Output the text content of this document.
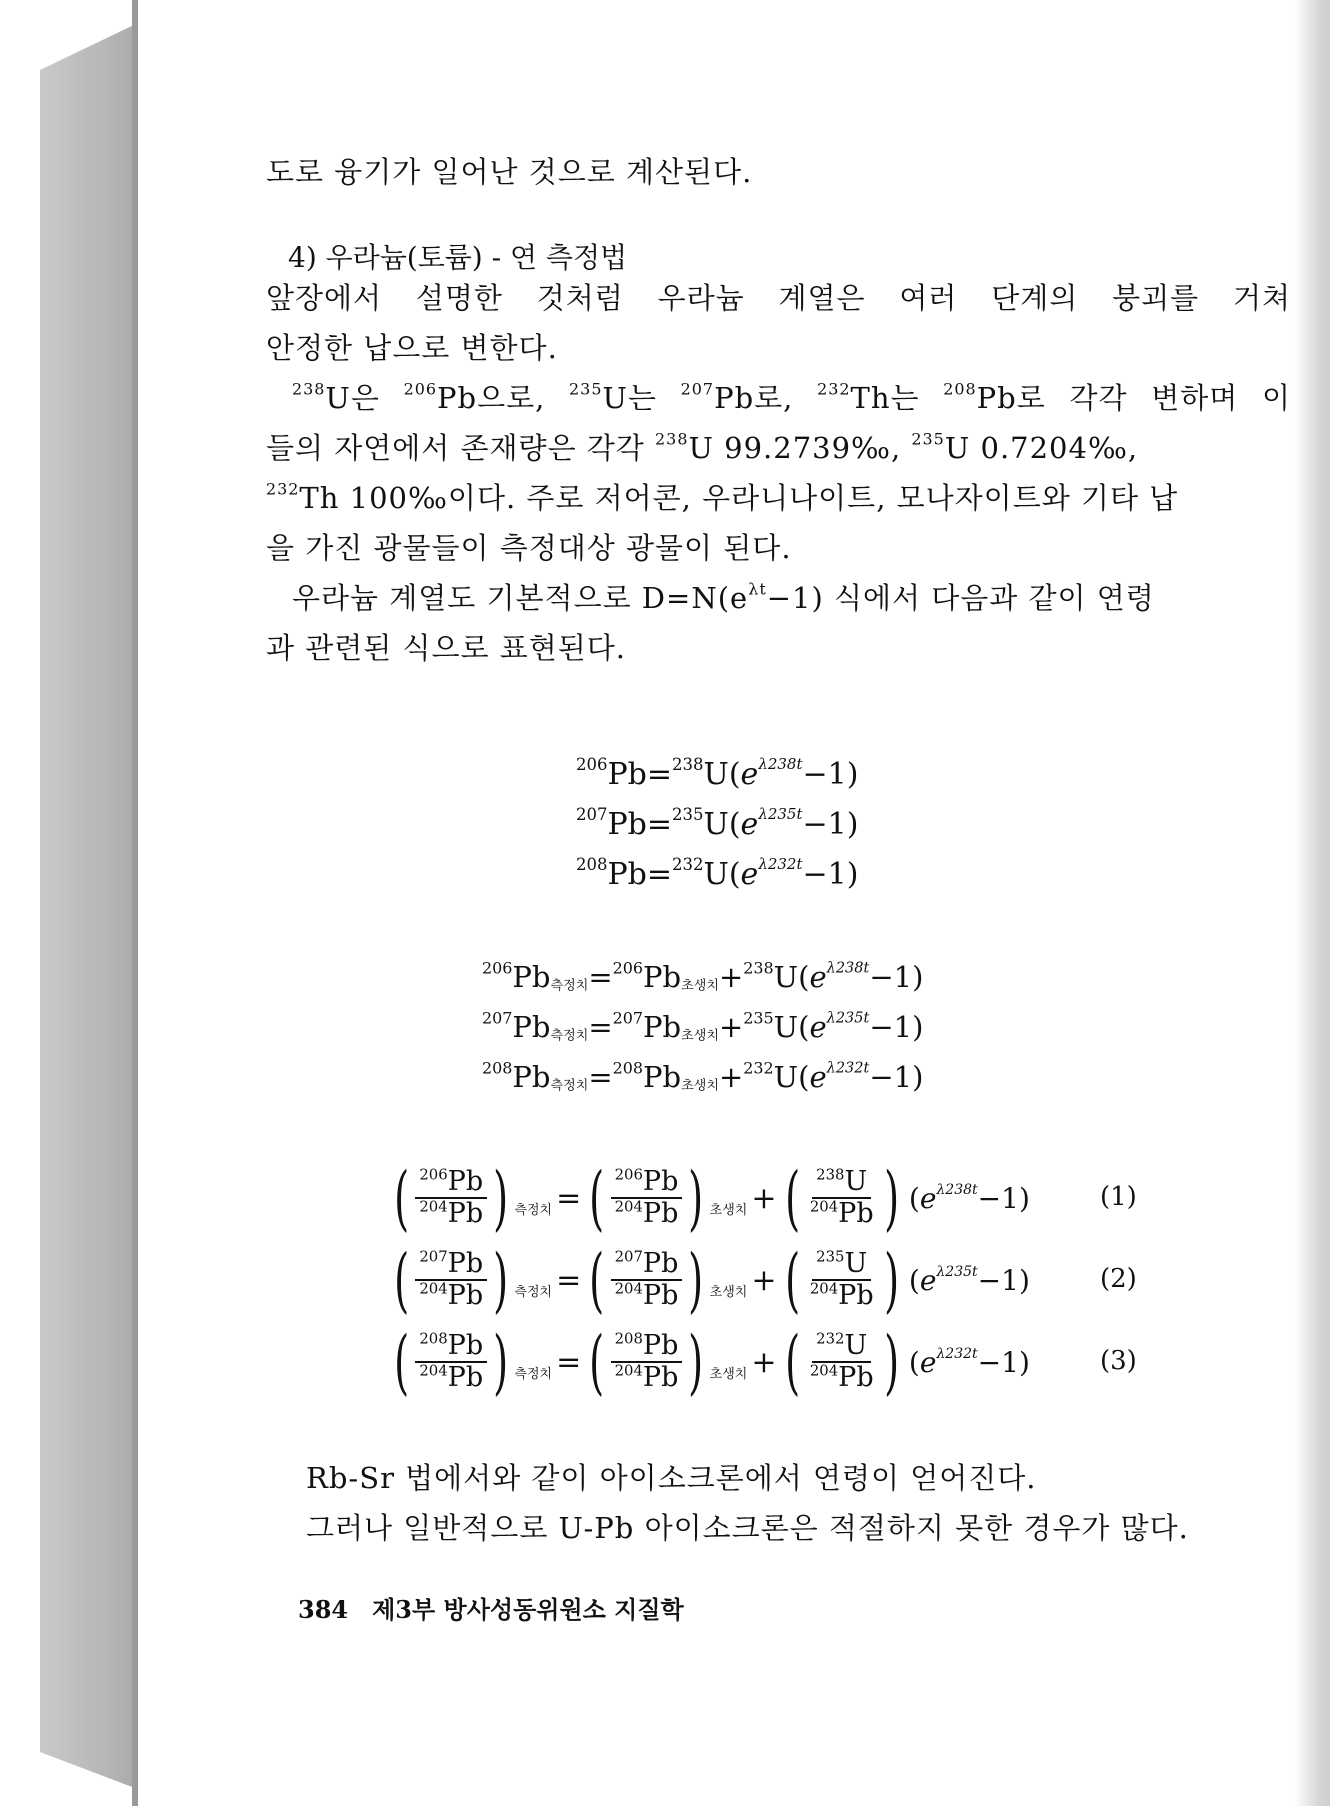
도로 융기가 일어난 것으로 계산된다.
4) 우라늄(토륨) - 연 측정법
앞장에서 설명한 것처럼 우라늄 계열은 여러 단계의 붕괴를 거쳐
안정한 납으로 변한다.
$^{238}$U은 $^{206}$Pb으로, $^{235}$U는 $^{207}$Pb로, $^{232}$Th는 $^{208}$Pb로 각각 변하며 이
들의 자연에서 존재량은 각각 $^{238}$U 99.2739‰, $^{235}$U 0.7204‰,
$^{232}$Th 100‰이다. 주로 저어콘, 우라니나이트, 모나자이트와 기타 납
을 가진 광물들이 측정대상 광물이 된다.
우라늄 계열도 기본적으로 $D=N(e^{\lambda t}-1)$ 식에서 다음과 같이 연령
과 관련된 식으로 표현된다.
$^{206}Pb=^{238}U(e^{\lambda 238t}-1)$
$^{207}Pb=^{235}U(e^{\lambda 235t}-1)$
$^{208}Pb=^{232}U(e^{\lambda 232t}-1)$
$^{206}$Pb측정치=$^{206}$Pb초생치$+^{238}U(e^{\lambda 238t}-1)$
$^{207}$Pb측정치=$^{207}$Pb초생치$+^{235}U(e^{\lambda 235t}-1)$
$^{208}$Pb측정치=$^{208}$Pb초생치$+^{232}U(e^{\lambda 232t}-1)$
( $\frac{^{206}Pb}{^{204}Pb}$ ) 측정치 = ( $\frac{^{206}Pb}{^{204}Pb}$ ) 초생치 + ( $\frac{^{238}U}{^{204}Pb}$ ) $(e^{\lambda 238t}-1)$	(1)
( $\frac{^{207}Pb}{^{204}Pb}$ ) 측정치 = ( $\frac{^{207}Pb}{^{204}Pb}$ ) 초생치 + ( $\frac{^{235}U}{^{204}Pb}$ ) $(e^{\lambda 235t}-1)$	(2)
( $\frac{^{208}Pb}{^{204}Pb}$ ) 측정치 = ( $\frac{^{208}Pb}{^{204}Pb}$ ) 초생치 + ( $\frac{^{232}U}{^{204}Pb}$ ) $(e^{\lambda 232t}-1)$	(3)
Rb-Sr 법에서와 같이 아이소크론에서 연령이 얻어진다.
그러나 일반적으로 U-Pb 아이소크론은 적절하지 못한 경우가 많다.
384 제3부 방사성동위원소 지질학
